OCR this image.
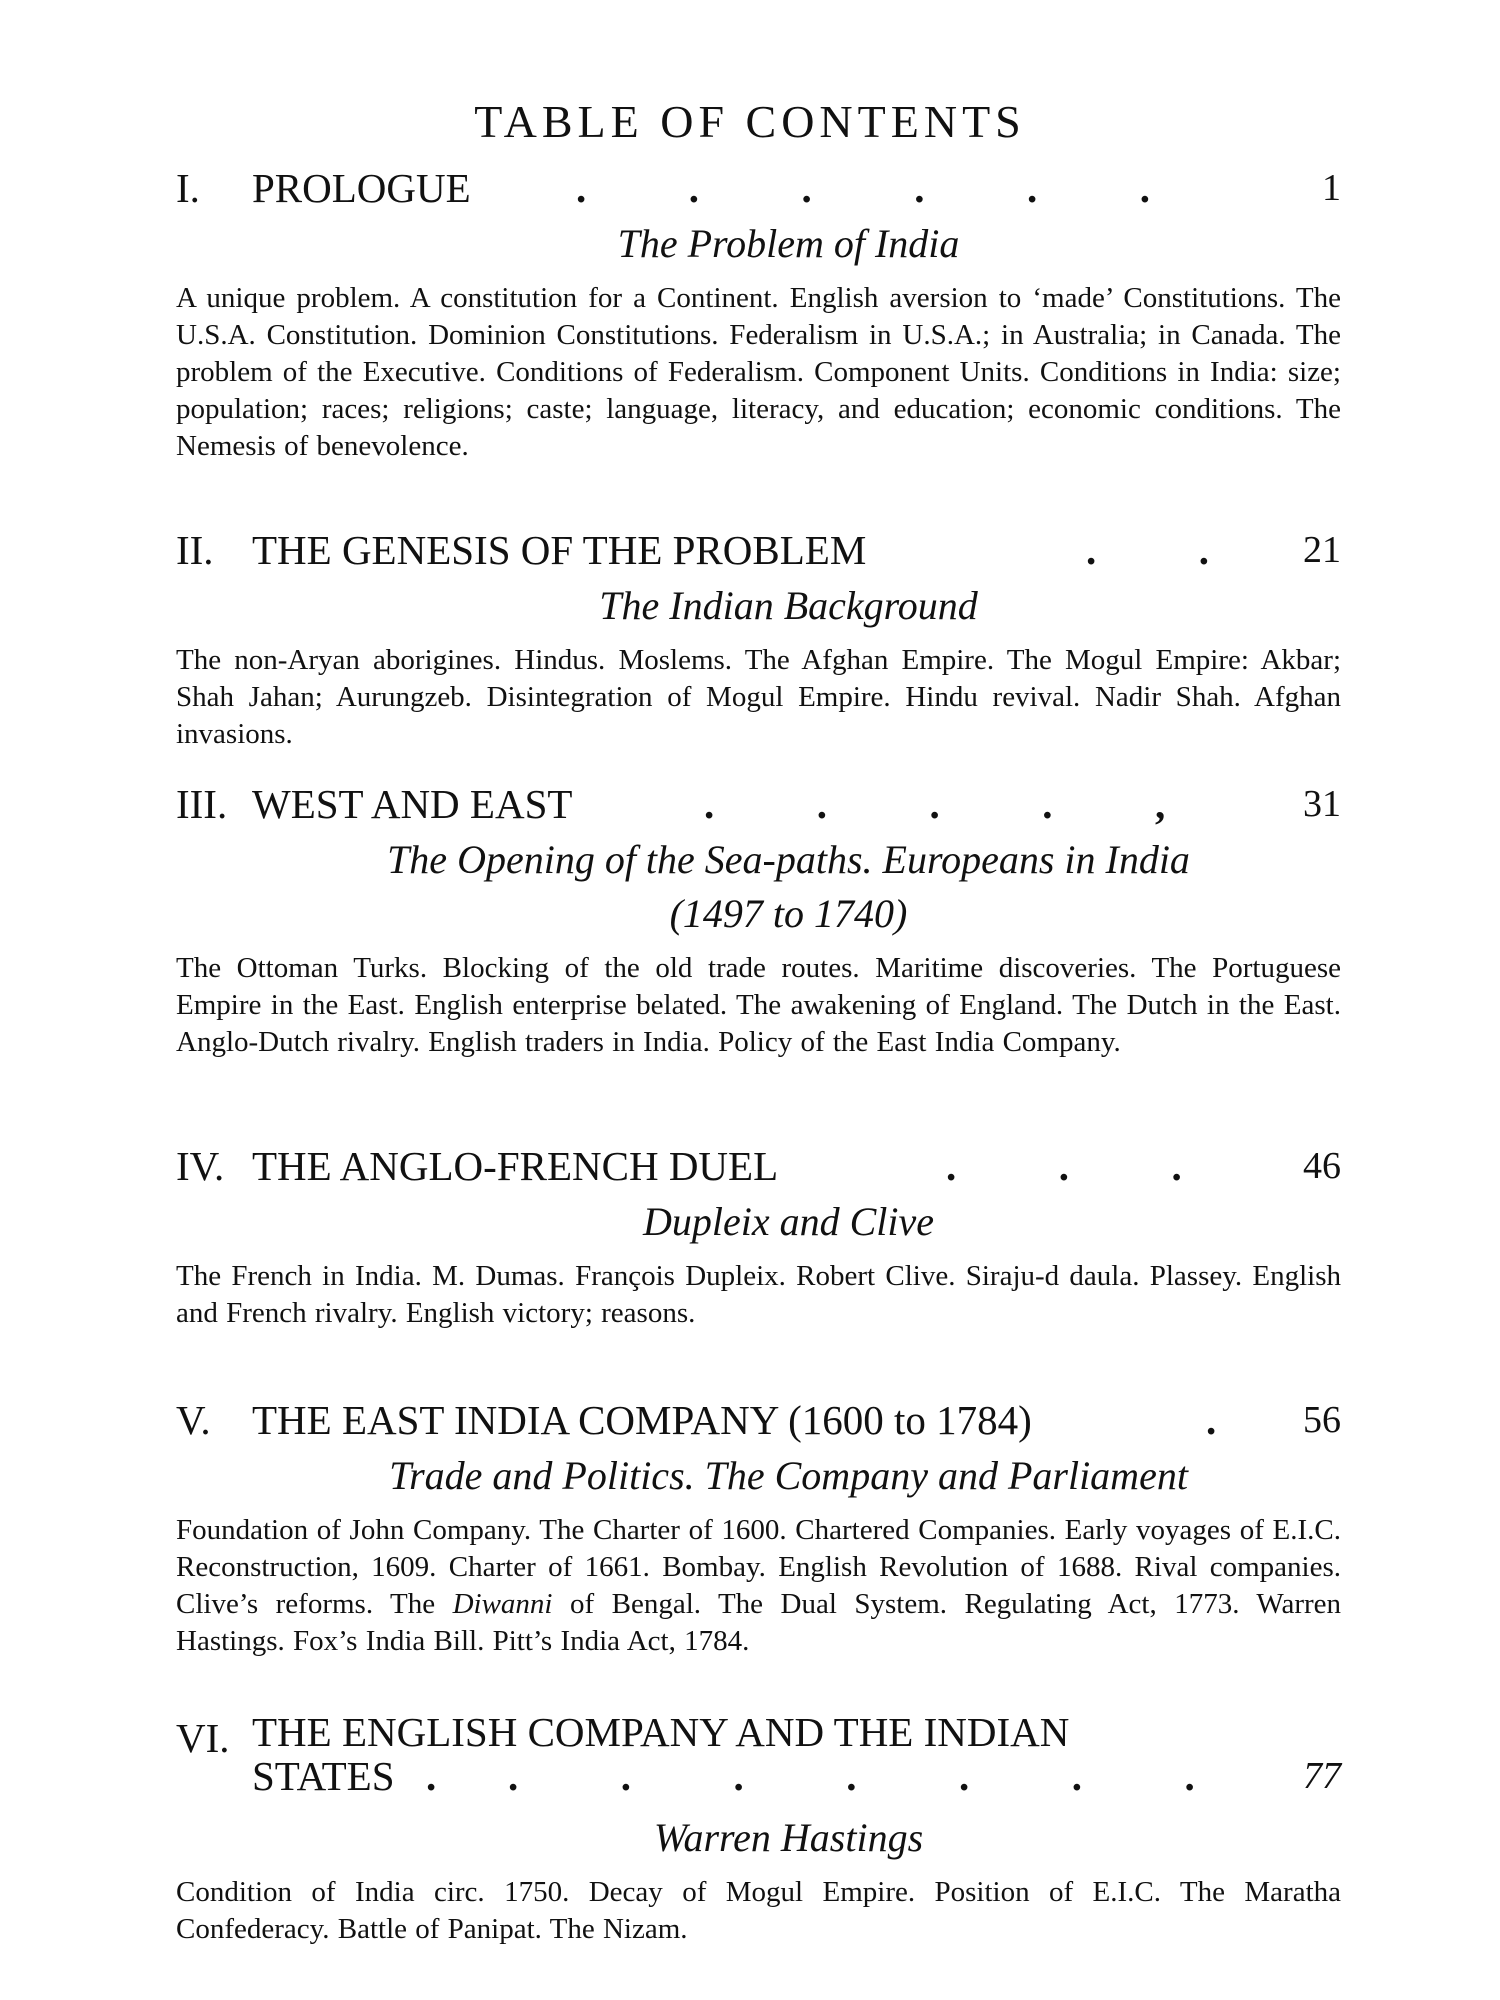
TABLE OF CONTENTS
I. PROLOGUE	.          .          .          .          .          .	1
The Problem of India
A unique problem. A constitution for a Continent. English aversion to ‘made’ Constitutions. The U.S.A. Constitution. Dominion Constitutions. Federalism in U.S.A.; in Australia; in Canada. The problem of the Executive. Conditions of Federalism. Component Units. Conditions in India: size; population; races; religions; caste; language, literacy, and education; economic conditions. The Nemesis of benevolence.
II. THE GENESIS OF THE PROBLEM	.          . 21
The Indian Background
The non-Aryan aborigines. Hindus. Moslems. The Afghan Empire. The Mogul Empire: Akbar; Shah Jahan; Aurungzeb. Disintegration of Mogul Empire. Hindu revival. Nadir Shah. Afghan invasions.
III. WEST AND EAST	.          .          .          .          ,	31
The Opening of the Sea-paths. Europeans in India
(1497 to 1740)
The Ottoman Turks. Blocking of the old trade routes. Maritime discoveries. The Portuguese Empire in the East. English enterprise belated. The awakening of England. The Dutch in the East. Anglo-Dutch rivalry. English traders in India. Policy of the East India Company.
IV. THE ANGLO-FRENCH DUEL	.          .          .	46
Dupleix and Clive
The French in India. M. Dumas. François Dupleix. Robert Clive. Siraju-d daula. Plassey. English and French rivalry. English victory; reasons.
V. THE EAST INDIA COMPANY (1600 to 1784)	. 56
Trade and Politics. The Company and Parliament
Foundation of John Company. The Charter of 1600. Chartered Companies. Early voyages of E.I.C. Reconstruction, 1609. Charter of 1661. Bombay. English Revolution of 1688. Rival companies. Clive’s reforms. The Diwanni of Bengal. The Dual System. Regulating Act, 1773. Warren Hastings. Fox’s India Bill. Pitt’s India Act, 1784.
VI. THE ENGLISH COMPANY AND THE INDIAN
STATES .       .          .          .          .          .          .          .	77
Warren Hastings
Condition of India circ. 1750. Decay of Mogul Empire. Position of E.I.C. The Maratha Confederacy. Battle of Panipat. The Nizam.
